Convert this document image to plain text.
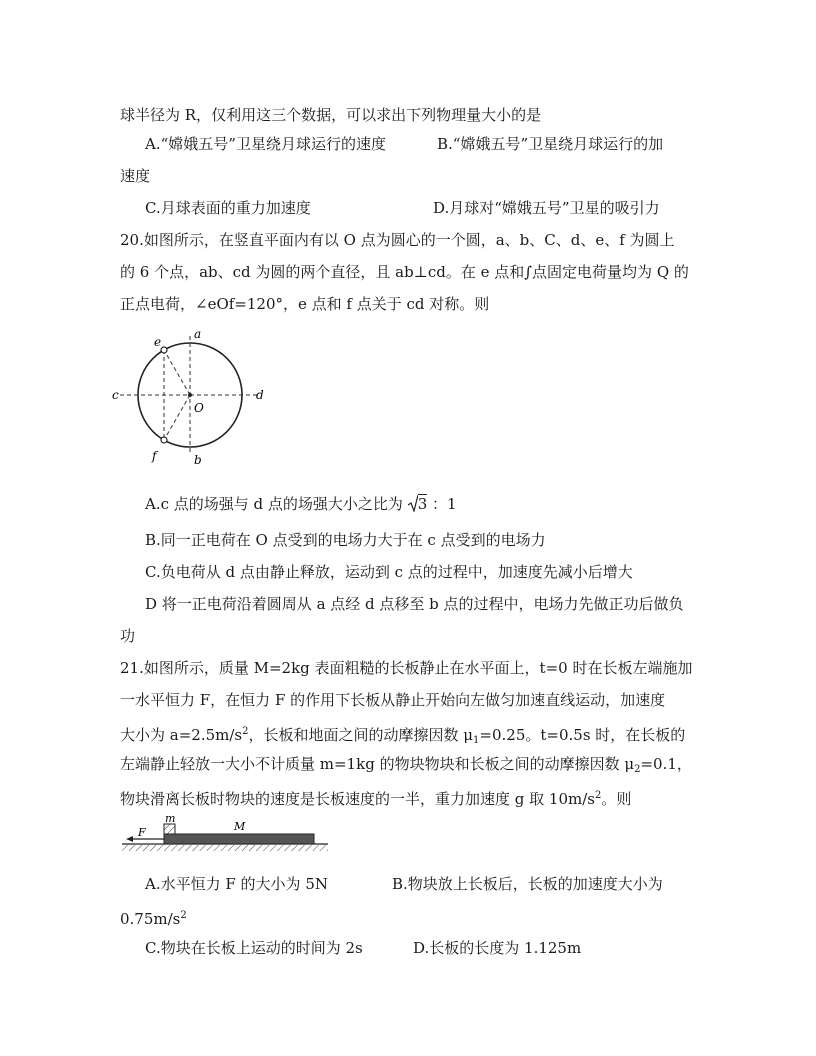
球半径为 R，仅利用这三个数据，可以求出下列物理量大小的是
A.“嫦娥五号”卫星绕月球运行的速度	B.“嫦娥五号”卫星绕月球运行的加
速度
C.月球表面的重力加速度	D.月球对“嫦娥五号”卫星的吸引力
20.如图所示，在竖直平面内有以 O 点为圆心的一个圆，a、b、C、d、e、f 为圆上
的 6 个点，ab、cd 为圆的两个直径，且 ab⊥cd。在 e 点和∫点固定电荷量均为 Q 的
正点电荷，∠eOf=120°，e 点和 f 点关于 cd 对称。则
a
b
c	d
e
f
O
A.c 点的场强与 d 点的场强大小之比为 3 ：1
B.同一正电荷在 O 点受到的电场力大于在 c 点受到的电场力
C.负电荷从 d 点由静止释放，运动到 c 点的过程中，加速度先减小后增大
D 将一正电荷沿着圆周从 a 点经 d 点移至 b 点的过程中，电场力先做正功后做负
功
21.如图所示，质量 M=2kg 表面粗糙的长板静止在水平面上，t=0 时在长板左端施加
一水平恒力 F，在恒力 F 的作用下长板从静止开始向左做匀加速直线运动，加速度
大小为 $a=2.5m/s^2$，长板和地面之间的动摩擦因数 $\mu_1=0.25$。t=0.5s 时，在长板的
左端静止轻放一大小不计质量 m=1kg 的物块物块和长板之间的动摩擦因数 $\mu_2=0.1$，
物块滑离长板时物块的速度是长板速度的一半，重力加速度 g 取 $10m/s^2$。则
F
m
M
A.水平恒力 F 的大小为 5N	B.物块放上长板后，长板的加速度大小为
$0.75m/s^2$
C.物块在长板上运动的时间为 2s	D.长板的长度为 1.125m
